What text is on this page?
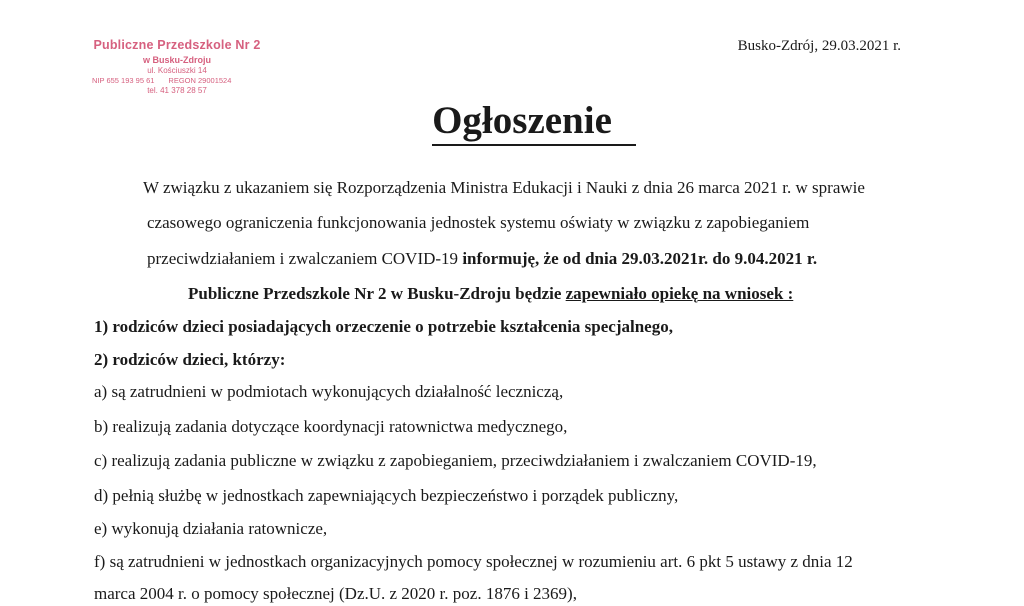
Publiczne Przedszkole Nr 2
w Busku-Zdroju
ul. Kościuszki 14
NIP 655 193 95 61 REGON 29001524
tel. 41 378 28 57
Busko-Zdrój, 29.03.2021 r.
Ogłoszenie
W związku z ukazaniem się Rozporządzenia Ministra Edukacji i Nauki z dnia 26 marca 2021 r. w sprawie
czasowego ograniczenia funkcjonowania jednostek systemu oświaty w związku z zapobieganiem
przeciwdziałaniem i zwalczaniem COVID-19 informuję, że od dnia 29.03.2021r. do 9.04.2021 r.
Publiczne Przedszkole Nr 2 w Busku-Zdroju będzie zapewniało opiekę na wniosek :
1) rodziców dzieci posiadających orzeczenie o potrzebie kształcenia specjalnego,
2) rodziców dzieci, którzy:
a) są zatrudnieni w podmiotach wykonujących działalność leczniczą,
b) realizują zadania dotyczące koordynacji ratownictwa medycznego,
c) realizują zadania publiczne w związku z zapobieganiem, przeciwdziałaniem i zwalczaniem COVID-19,
d) pełnią służbę w jednostkach zapewniających bezpieczeństwo i porządek publiczny,
e) wykonują działania ratownicze,
f) są zatrudnieni w jednostkach organizacyjnych pomocy społecznej w rozumieniu art. 6 pkt 5 ustawy z dnia 12
marca 2004 r. o pomocy społecznej (Dz.U. z 2020 r. poz. 1876 i 2369),
